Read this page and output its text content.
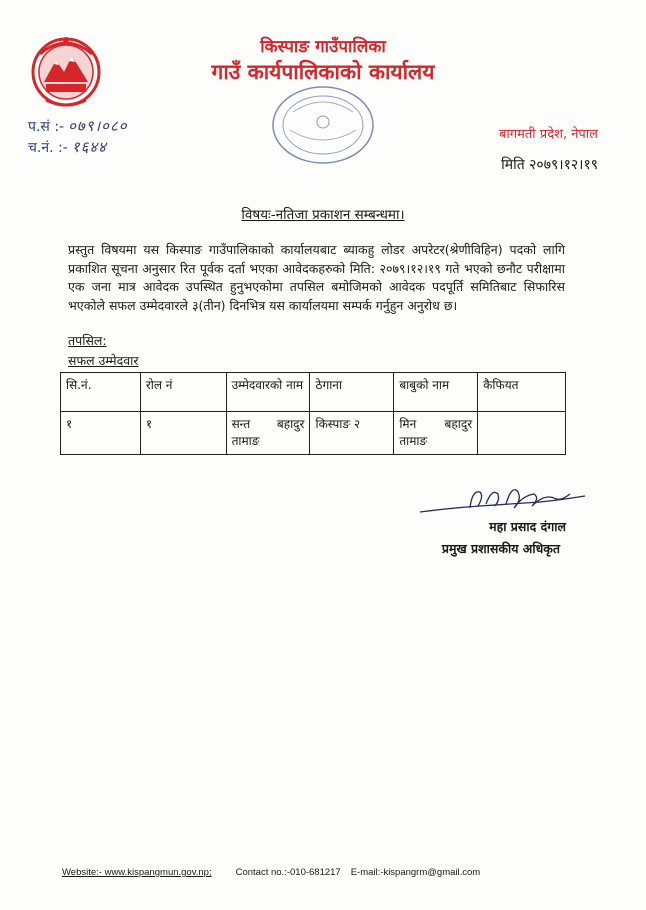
किस्पाङ गाउँपालिका
गाउँ कार्यपालिकाको कार्यालय
प.सं :- ०७९।०८०
च.नं. :- १६४४
बागमती प्रदेश, नेपाल
मिति २०७९।१२।१९
विषयः-नतिजा प्रकाशन सम्बन्धमा।
प्रस्तुत विषयमा यस किस्पाङ गाउँपालिकाको कार्यालयबाट ब्याकहु लोडर अपरेटर(श्रेणीविहिन) पदको लागि प्रकाशित सूचना अनुसार रित पूर्वक दर्ता भएका आवेदकहरुको मिति: २०७९।१२।१९ गते भएको छनौट परीक्षामा एक जना मात्र आवेदक उपस्थित हुनुभएकोमा तपसिल बमोजिमको आवेदक पदपूर्ति समितिबाट सिफारिस भएकोले सफल उम्मेदवारले ३(तीन) दिनभित्र यस कार्यालयमा सम्पर्क गर्नुहुन अनुरोध छ।
तपसिल:
सफल उम्मेदवार
सि.नं.	रोल नं	उम्मेदवारको नाम	ठेगाना	बाबुको नाम	कैफियत
१	१	सन्त बहादुर तामाङ	किस्पाङ २	मिन बहादुर तामाङ	
महा प्रसाद दंगाल
प्रमुख प्रशासकीय अधिकृत
Website:- www.kispangmun.gov.np;	Contact no.:-010-681217 E-mail:-kispangrm@gmail.com
